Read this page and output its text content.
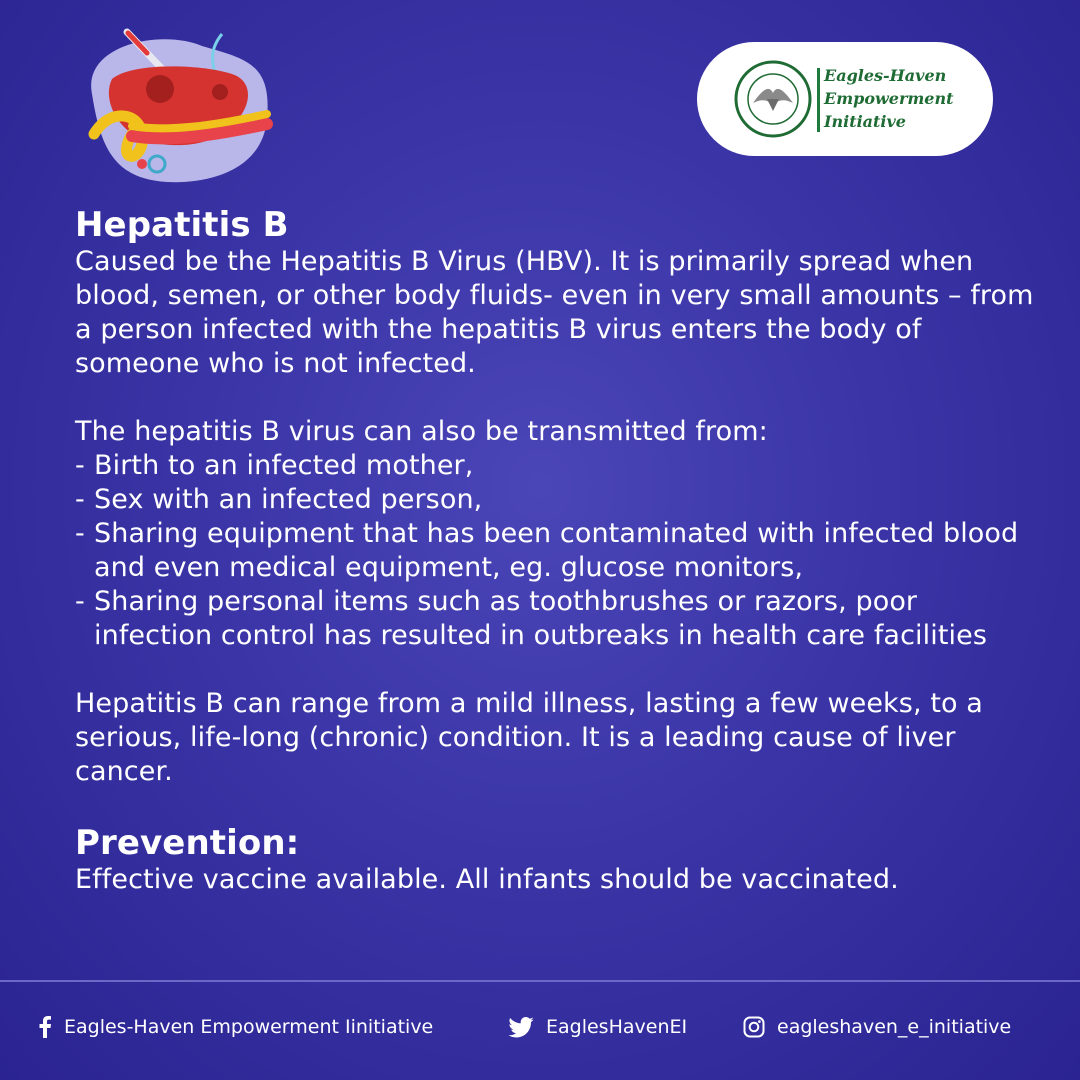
Eagles-Haven
Empowerment
Initiative
Hepatitis B

Caused be the Hepatitis B Virus (HBV). It is primarily spread when blood, semen, or other body fluids- even in very small amounts – from a person infected with the hepatitis B virus enters the body of someone who is not infected.

The hepatitis B virus can also be transmitted from:

- Birth to an infected mother,
- Sex with an infected person,
- Sharing equipment that has been contaminated with infected blood and even medical equipment, eg. glucose monitors,
- Sharing personal items such as toothbrushes or razors, poor infection control has resulted in outbreaks in health care facilities

Hepatitis B can range from a mild illness, lasting a few weeks, to a serious, life-long (chronic) condition. It is a leading cause of liver cancer.

Prevention:

Effective vaccine available. All infants should be vaccinated.

Eagles-Haven Empowerment Iinitiative	EaglesHavenEI	eagleshaven_e_initiative
